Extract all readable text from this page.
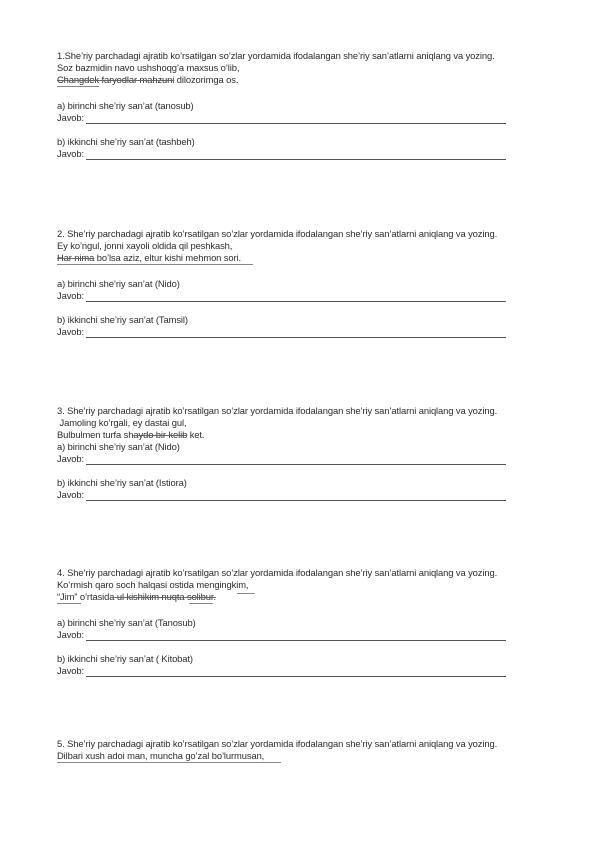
1.She’riy parchadagi ajratib ko’rsatilgan so’zlar yordamida ifodalangan she’riy san’atlarni aniqlang va yozing.
Soz bazmidin navo ushshoqg’a maxsus o’lib,
Changdek faryodlar mahzuni dilozorimga os.
a) birinchi she’riy san’at (tanosub)
Javob:
b) ikkinchi she’riy san’at (tashbeh)
Javob:
2. She’riy parchadagi ajratib ko’rsatilgan so’zlar yordamida ifodalangan she’riy san’atlarni aniqlang va yozing.
Ey ko’ngul, jonni xayoli oldida qil peshkash,
Har nima bo’lsa aziz, eltur kishi mehmon sori.
a) birinchi she’riy san’at (Nido)
Javob:
b) ikkinchi she’riy san’at (Tamsil)
Javob:
3. She’riy parchadagi ajratib ko’rsatilgan so’zlar yordamida ifodalangan she’riy san’atlarni aniqlang va yozing.
Jamoling ko’rgali, ey dastai gul,
Bulbulmen turfa shaydo bir kelib ket.
a) birinchi she’riy san’at (Nido)
Javob:
b) ikkinchi she’riy san’at (Istiora)
Javob:
4. She’riy parchadagi ajratib ko’rsatilgan so’zlar yordamida ifodalangan she’riy san’atlarni aniqlang va yozing.
Ko’rmish qaro soch halqasi ostida mengingkim,
“Jim” o’rtasida ul kishikim nuqta solibur.
a) birinchi she’riy san’at (Tanosub)
Javob:
b) ikkinchi she’riy san’at ( Kitobat)
Javob:
5. She’riy parchadagi ajratib ko’rsatilgan so’zlar yordamida ifodalangan she’riy san’atlarni aniqlang va yozing.
Dilbari xush adoi man, muncha go’zal bo’lurmusan,
